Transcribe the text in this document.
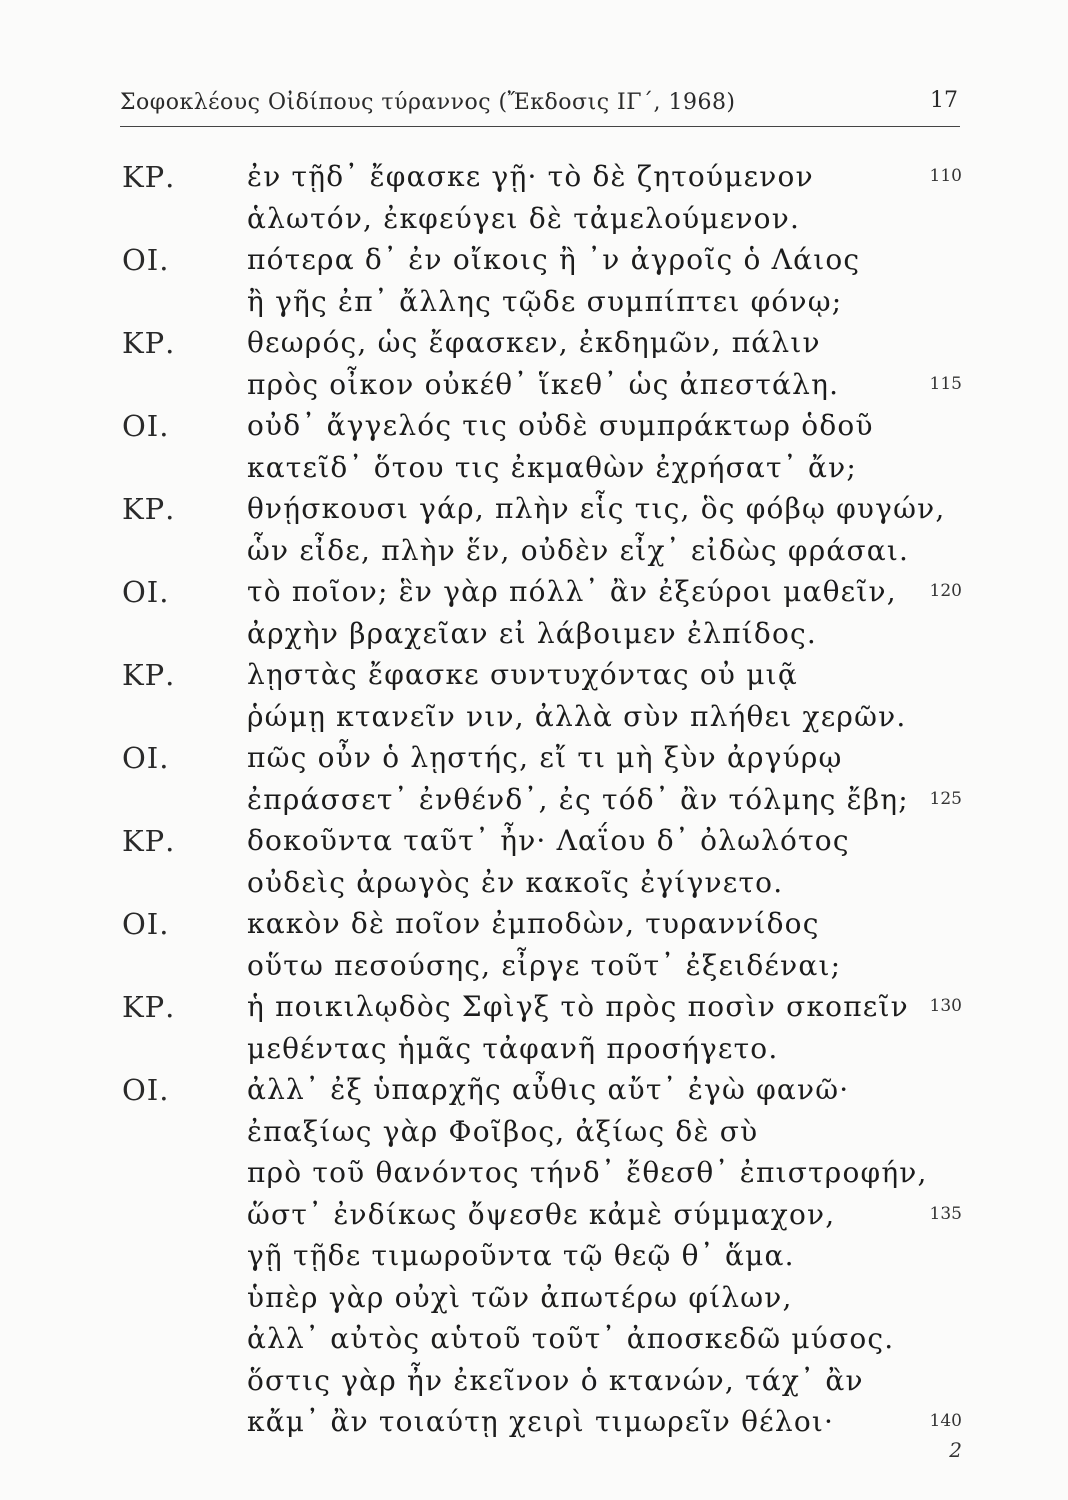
Σοφοκλέους Οἰδίπους τύραννος (Ἔκδοσις ΙΓ΄, 1968)	17
ΚΡ.	ἐν τῇδ᾽ ἔφασκε γῇ· τὸ δὲ ζητούμενον	110
ἁλωτόν, ἐκφεύγει δὲ τἀμελούμενον.
ΟΙ.	πότερα δ᾽ ἐν οἴκοις ἢ ᾽ν ἀγροῖς ὁ Λάιος
ἢ γῆς ἐπ᾽ ἄλλης τῷδε συμπίπτει φόνῳ;
ΚΡ.	θεωρός, ὡς ἔφασκεν, ἐκδημῶν, πάλιν
πρὸς οἶκον οὐκέθ᾽ ἵκεθ᾽ ὡς ἀπεστάλη.	115
ΟΙ.	οὐδ᾽ ἄγγελός τις οὐδὲ συμπράκτωρ ὁδοῦ
κατεῖδ᾽ ὅτου τις ἐκμαθὼν ἐχρήσατ᾽ ἄν;
ΚΡ.	θνῄσκουσι γάρ, πλὴν εἷς τις, ὃς φόβῳ φυγών,
ὧν εἶδε, πλὴν ἕν, οὐδὲν εἶχ᾽ εἰδὼς φράσαι.
ΟΙ.	τὸ ποῖον; ἓν γὰρ πόλλ᾽ ἂν ἐξεύροι μαθεῖν, 120
ἀρχὴν βραχεῖαν εἰ λάβοιμεν ἐλπίδος.
ΚΡ.	λῃστὰς ἔφασκε συντυχόντας οὐ μιᾷ
ῥώμῃ κτανεῖν νιν, ἀλλὰ σὺν πλήθει χερῶν.
ΟΙ.	πῶς οὖν ὁ λῃστής, εἴ τι μὴ ξὺν ἀργύρῳ
ἐπράσσετ᾽ ἐνθένδ᾽, ἐς τόδ᾽ ἂν τόλμης ἔβη; 125
ΚΡ.	δοκοῦντα ταῦτ᾽ ἦν· Λαΐου δ᾽ ὀλωλότος
οὐδεὶς ἀρωγὸς ἐν κακοῖς ἐγίγνετο.
ΟΙ.	κακὸν δὲ ποῖον ἐμποδὼν, τυραννίδος
οὕτω πεσούσης, εἶργε τοῦτ᾽ ἐξειδέναι;
ΚΡ.	ἡ ποικιλῳδὸς Σφὶγξ τὸ πρὸς ποσὶν σκοπεῖν 130
μεθέντας ἡμᾶς τἀφανῆ προσήγετο.
ΟΙ.	ἀλλ᾽ ἐξ ὑπαρχῆς αὖθις αὔτ᾽ ἐγὼ φανῶ·
ἐπαξίως γὰρ Φοῖβος, ἀξίως δὲ σὺ
πρὸ τοῦ θανόντος τήνδ᾽ ἔθεσθ᾽ ἐπιστροφήν,
ὥστ᾽ ἐνδίκως ὄψεσθε κἀμὲ σύμμαχον,	135
γῇ τῇδε τιμωροῦντα τῷ θεῷ θ᾽ ἅμα.
ὑπὲρ γὰρ οὐχὶ τῶν ἀπωτέρω φίλων,
ἀλλ᾽ αὐτὸς αὑτοῦ τοῦτ᾽ ἀποσκεδῶ μύσος.
ὅστις γὰρ ἦν ἐκεῖνον ὁ κτανών, τάχ᾽ ἂν
κἄμ᾽ ἂν τοιαύτῃ χειρὶ τιμωρεῖν θέλοι·	140
2
